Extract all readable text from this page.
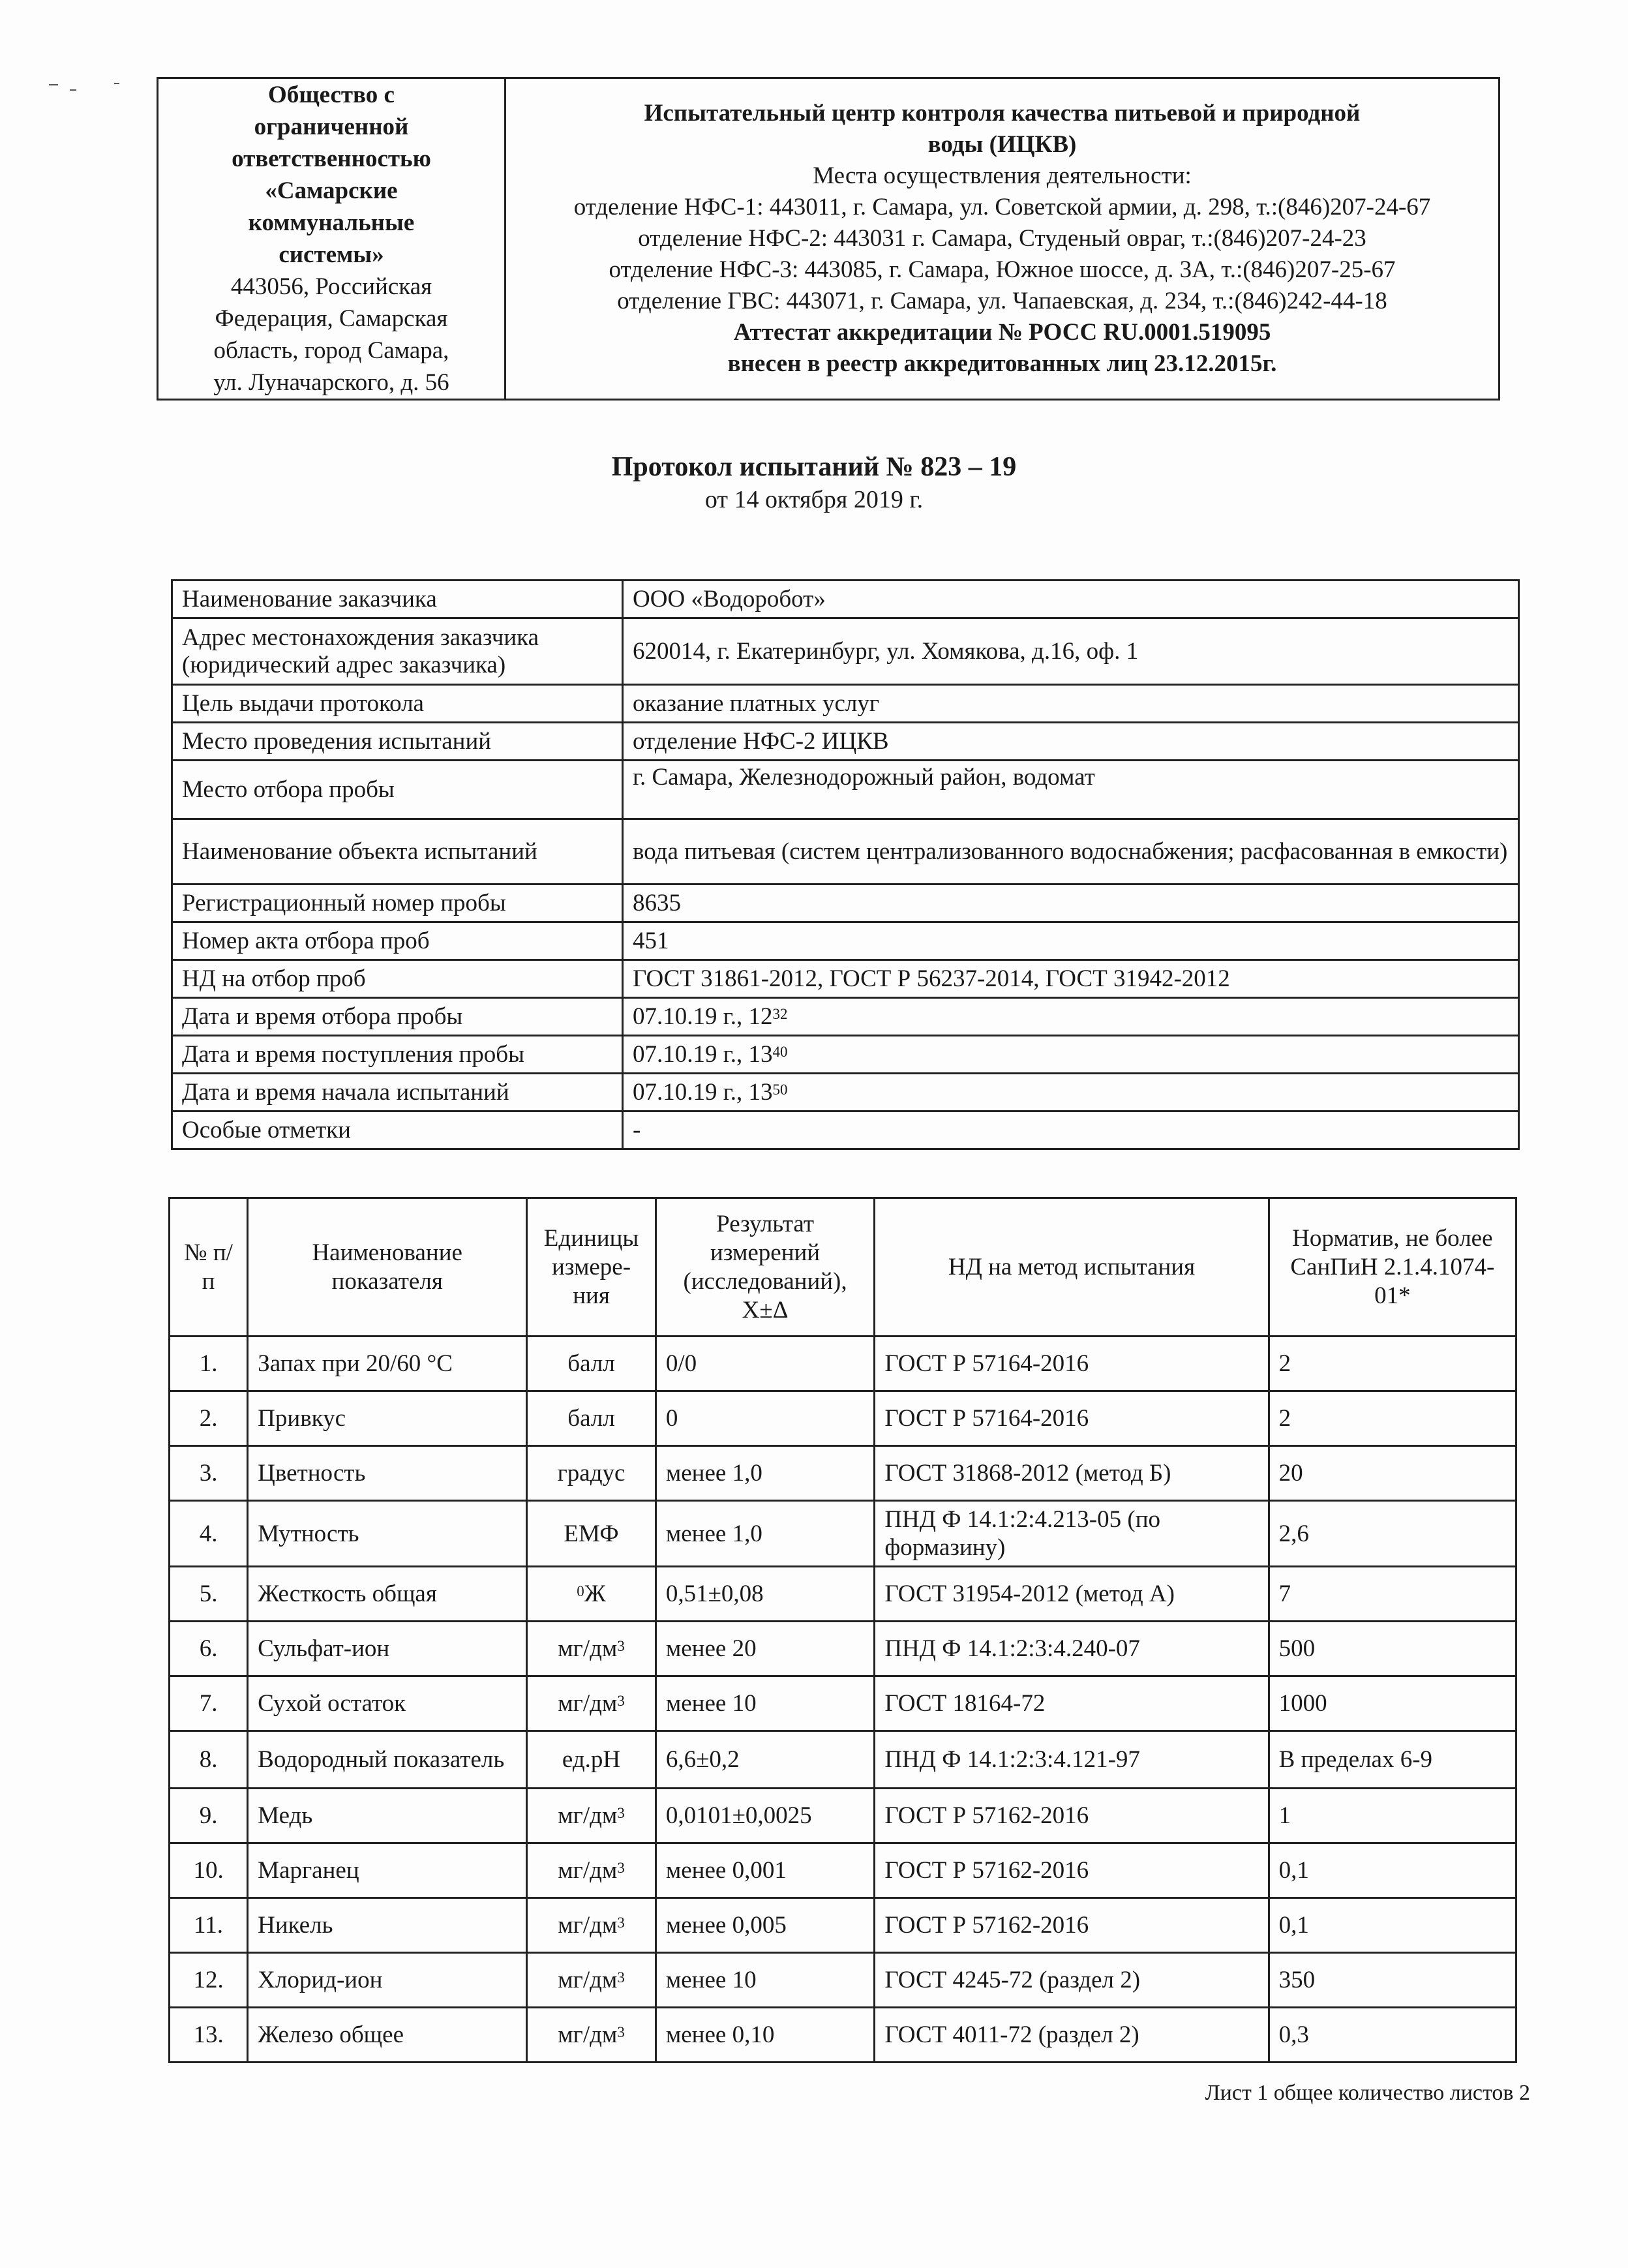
Общество с
ограниченной
ответственностью
«Самарские
коммунальные
системы»
443056, Российская
Федерация, Самарская
область, город Самара,
ул. Луначарского, д. 56

Испытательный центр контроля качества питьевой и природной
воды (ИЦКВ)
Места осуществления деятельности:
отделение НФС-1: 443011, г. Самара, ул. Советской армии, д. 298, т.:(846)207-24-67
отделение НФС-2: 443031 г. Самара, Студеный овраг, т.:(846)207-24-23
отделение НФС-3: 443085, г. Самара, Южное шоссе, д. 3А, т.:(846)207-25-67
отделение ГВС: 443071, г. Самара, ул. Чапаевская, д. 234, т.:(846)242-44-18
Аттестат аккредитации № РОСС RU.0001.519095
внесен в реестр аккредитованных лиц 23.12.2015г.
Протокол испытаний № 823 – 19
от 14 октября 2019 г.
Наименование заказчика	ООО «Водоробот»
Адрес местонахождения заказчика (юридический адрес заказчика)	620014, г. Екатеринбург, ул. Хомякова, д.16, оф. 1
Цель выдачи протокола	оказание платных услуг
Место проведения испытаний	отделение НФС-2 ИЦКВ
Место отбора пробы	г. Самара, Железнодорожный район, водомат
Наименование объекта испытаний	вода питьевая (систем централизованного водоснабжения; расфасованная в емкости)
Регистрационный номер пробы	8635
Номер акта отбора проб	451
НД на отбор проб	ГОСТ 31861-2012, ГОСТ Р 56237-2014, ГОСТ 31942-2012
Дата и время отбора пробы	07.10.19 г., $12^{32}$
Дата и время поступления пробы	07.10.19 г., $13^{40}$
Дата и время начала испытаний	07.10.19 г., $13^{50}$
Особые отметки	-
№ п/п	Наименование показателя	Единицы измере-ния	Результат измерений (исследований), Х±Δ	НД на метод испытания	Норматив, не более СанПиН 2.1.4.1074-01*
1.	Запах при 20/60 °С	балл	0/0	ГОСТ Р 57164-2016	2
2.	Привкус	балл	0	ГОСТ Р 57164-2016	2
3.	Цветность	градус	менее 1,0	ГОСТ 31868-2012 (метод Б)	20
4.	Мутность	ЕМФ	менее 1,0	ПНД Ф 14.1:2:4.213-05 (по формазину)	2,6
5.	Жесткость общая	$^0$Ж	0,51±0,08	ГОСТ 31954-2012 (метод А)	7
6.	Сульфат-ион	$мг/дм^3$	менее 20	ПНД Ф 14.1:2:3:4.240-07	500
7.	Сухой остаток	$мг/дм^3$	менее 10	ГОСТ 18164-72	1000
8.	Водородный показатель	ед.рН	6,6±0,2	ПНД Ф 14.1:2:3:4.121-97	В пределах 6-9
9.	Медь	$мг/дм^3$	0,0101±0,0025	ГОСТ Р 57162-2016	1
10.	Марганец	$мг/дм^3$	менее 0,001	ГОСТ Р 57162-2016	0,1
11.	Никель	$мг/дм^3$	менее 0,005	ГОСТ Р 57162-2016	0,1
12.	Хлорид-ион	$мг/дм^3$	менее 10	ГОСТ 4245-72 (раздел 2)	350
13.	Железо общее	$мг/дм^3$	менее 0,10	ГОСТ 4011-72 (раздел 2)	0,3
Лист 1 общее количество листов 2
